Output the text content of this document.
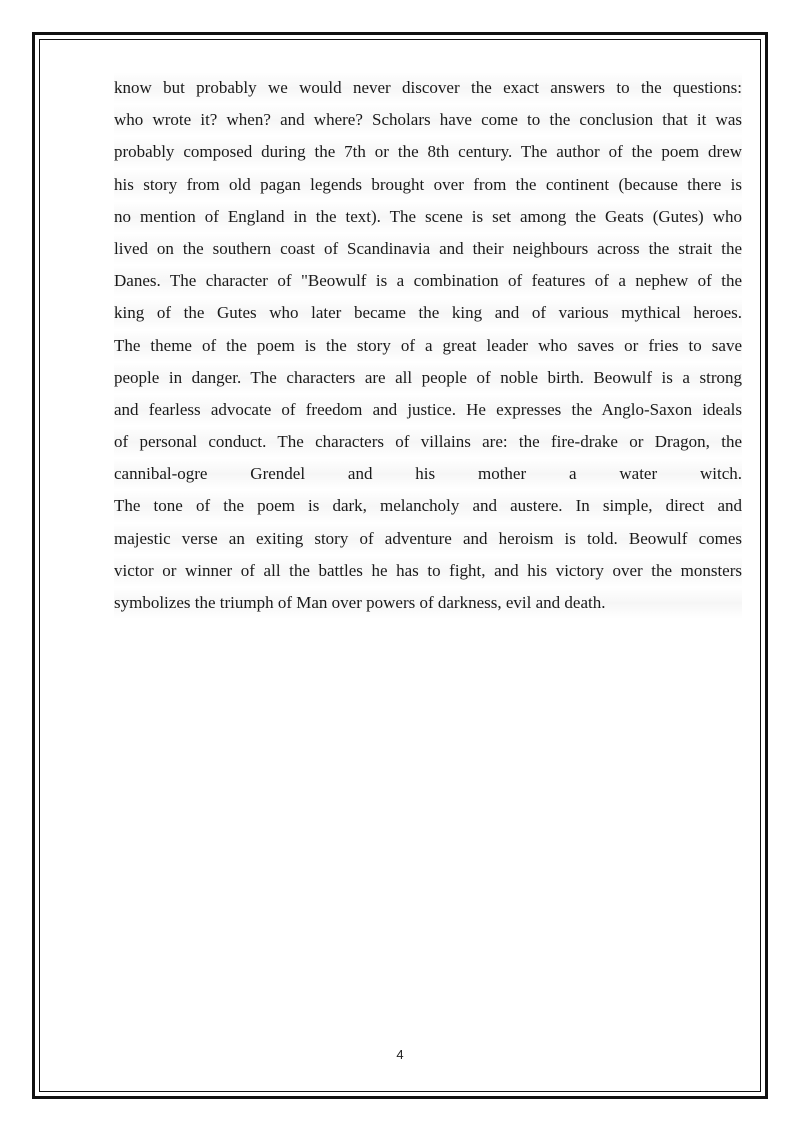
know but probably we would never discover the exact answers to the questions:
who wrote it? when? and where? Scholars have come to the conclusion that it was
probably composed during the 7th or the 8th century. The author of the poem drew
his story from old pagan legends brought over from the continent (because there is
no mention of England in the text). The scene is set among the Geats (Gutes) who
lived on the southern coast of Scandinavia and their neighbours across the strait the
Danes. The character of "Beowulf is a combination of features of a nephew of the
king of the Gutes who later became the king and of various mythical heroes.
The theme of the poem is the story of a great leader who saves or fries to save
people in danger. The characters are all people of noble birth. Beowulf is a strong
and fearless advocate of freedom and justice. He expresses the Anglo-Saxon ideals
of personal conduct. The characters of villains are: the fire-drake or Dragon, the
cannibal-ogre Grendel and his mother a water witch.
The tone of the poem is dark, melancholy and austere. In simple, direct and
majestic verse an exiting story of adventure and heroism is told. Beowulf comes
victor or winner of all the battles he has to fight, and his victory over the monsters
symbolizes the triumph of Man over powers of darkness, evil and death.
4
